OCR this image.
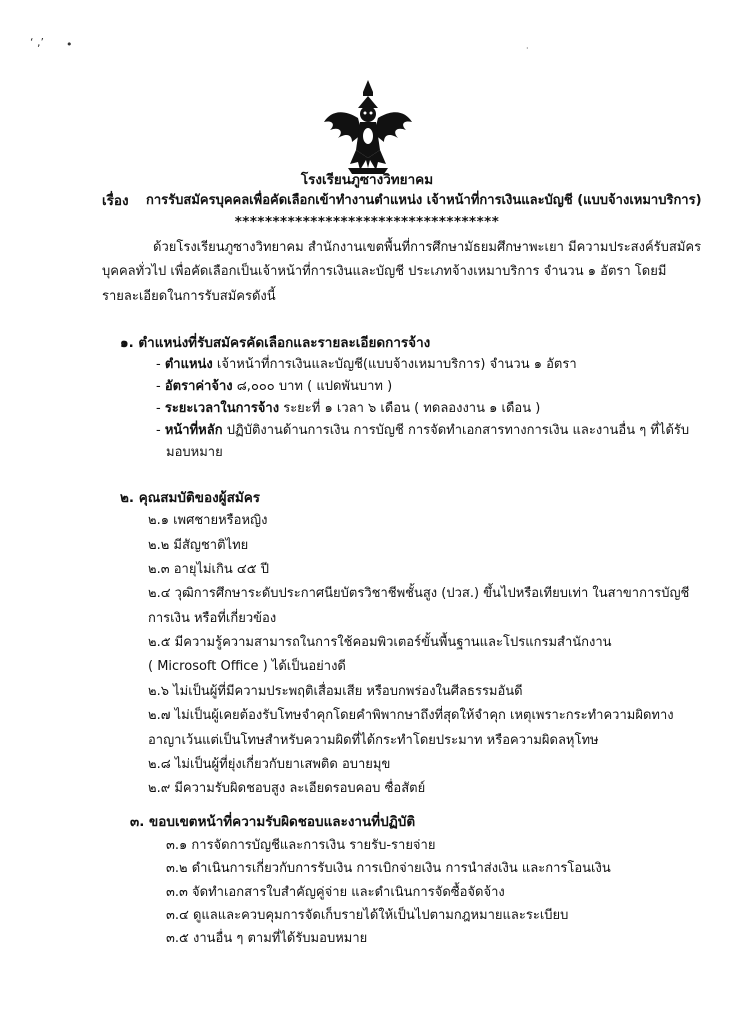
‘ ,’ •	·
โรงเรียนภูซางวิทยาคม
เรื่อง การรับสมัครบุคคลเพื่อคัดเลือกเข้าทำงานตำแหน่ง เจ้าหน้าที่การเงินและบัญชี (แบบจ้างเหมาบริการ)
***********************************
ด้วยโรงเรียนภูซางวิทยาคม สำนักงานเขตพื้นที่การศึกษามัธยมศึกษาพะเยา มีความประสงค์รับสมัคร
บุคคลทั่วไป เพื่อคัดเลือกเป็นเจ้าหน้าที่การเงินและบัญชี ประเภทจ้างเหมาบริการ จำนวน ๑ อัตรา โดยมี
รายละเอียดในการรับสมัครดังนี้
๑. ตำแหน่งที่รับสมัครคัดเลือกและรายละเอียดการจ้าง
- ตำแหน่ง เจ้าหน้าที่การเงินและบัญชี(แบบจ้างเหมาบริการ) จำนวน ๑ อัตรา
- อัตราค่าจ้าง ๘,๐๐๐ บาท ( แปดพันบาท )
- ระยะเวลาในการจ้าง ระยะที่ ๑ เวลา ๖ เดือน ( ทดลองงาน ๑ เดือน )
- หน้าที่หลัก ปฏิบัติงานด้านการเงิน การบัญชี การจัดทำเอกสารทางการเงิน และงานอื่น ๆ ที่ได้รับ
มอบหมาย
๒. คุณสมบัติของผู้สมัคร
๒.๑ เพศชายหรือหญิง
๒.๒ มีสัญชาติไทย
๒.๓ อายุไม่เกิน ๔๕ ปี
๒.๔ วุฒิการศึกษาระดับประกาศนียบัตรวิชาชีพชั้นสูง (ปวส.) ขึ้นไปหรือเทียบเท่า ในสาขาการบัญชี
การเงิน หรือที่เกี่ยวข้อง
๒.๕ มีความรู้ความสามารถในการใช้คอมพิวเตอร์ขั้นพื้นฐานและโปรแกรมสำนักงาน
( Microsoft Office ) ได้เป็นอย่างดี
๒.๖ ไม่เป็นผู้ที่มีความประพฤติเสื่อมเสีย หรือบกพร่องในศีลธรรมอันดี
๒.๗ ไม่เป็นผู้เคยต้องรับโทษจำคุกโดยคำพิพากษาถึงที่สุดให้จำคุก เหตุเพราะกระทำความผิดทาง
อาญาเว้นแต่เป็นโทษสำหรับความผิดที่ได้กระทำโดยประมาท หรือความผิดลหุโทษ
๒.๘ ไม่เป็นผู้ที่ยุ่งเกี่ยวกับยาเสพติด อบายมุข
๒.๙ มีความรับผิดชอบสูง ละเอียดรอบคอบ ซื่อสัตย์
๓. ขอบเขตหน้าที่ความรับผิดชอบและงานที่ปฏิบัติ
๓.๑ การจัดการบัญชีและการเงิน รายรับ-รายจ่าย
๓.๒ ดำเนินการเกี่ยวกับการรับเงิน การเบิกจ่ายเงิน การนำส่งเงิน และการโอนเงิน
๓.๓ จัดทำเอกสารใบสำคัญคู่จ่าย และดำเนินการจัดซื้อจัดจ้าง
๓.๔ ดูแลและควบคุมการจัดเก็บรายได้ให้เป็นไปตามกฎหมายและระเบียบ
๓.๕ งานอื่น ๆ ตามที่ได้รับมอบหมาย
